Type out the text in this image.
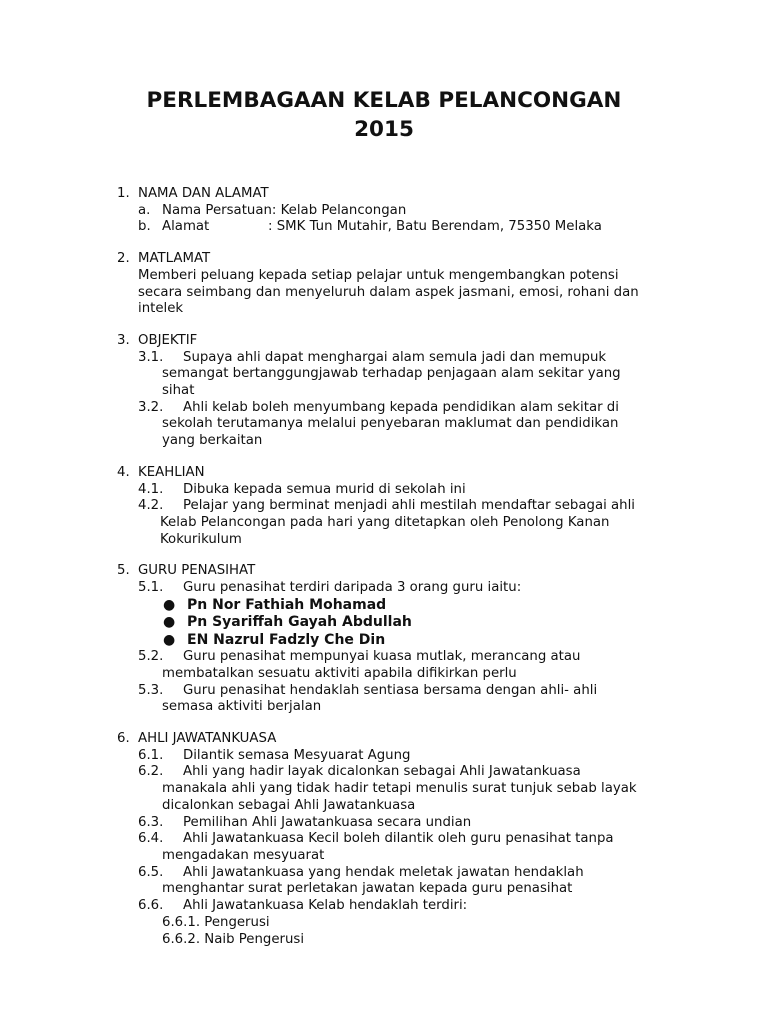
PERLEMBAGAAN KELAB PELANCONGAN
2015
1. NAMA DAN ALAMAT
a. Nama Persatuan: Kelab Pelancongan
b. Alamat	: SMK Tun Mutahir, Batu Berendam, 75350 Melaka
2. MATLAMAT
Memberi peluang kepada setiap pelajar untuk mengembangkan potensi
secara seimbang dan menyeluruh dalam aspek jasmani, emosi, rohani dan
intelek
3. OBJEKTIF
3.1.	Supaya ahli dapat menghargai alam semula jadi dan memupuk
semangat bertanggungjawab terhadap penjagaan alam sekitar yang
sihat
3.2.	Ahli kelab boleh menyumbang kepada pendidikan alam sekitar di
sekolah terutamanya melalui penyebaran maklumat dan pendidikan
yang berkaitan
4. KEAHLIAN
4.1.	Dibuka kepada semua murid di sekolah ini
4.2.	Pelajar yang berminat menjadi ahli mestilah mendaftar sebagai ahli
Kelab Pelancongan pada hari yang ditetapkan oleh Penolong Kanan
Kokurikulum
5. GURU PENASIHAT
5.1.	Guru penasihat terdiri daripada 3 orang guru iaitu:
● Pn Nor Fathiah Mohamad
● Pn Syariffah Gayah Abdullah
● EN Nazrul Fadzly Che Din
5.2.	Guru penasihat mempunyai kuasa mutlak, merancang atau
membatalkan sesuatu aktiviti apabila difikirkan perlu
5.3.	Guru penasihat hendaklah sentiasa bersama dengan ahli- ahli
semasa aktiviti berjalan
6. AHLI JAWATANKUASA
6.1.	Dilantik semasa Mesyuarat Agung
6.2.	Ahli yang hadir layak dicalonkan sebagai Ahli Jawatankuasa
manakala ahli yang tidak hadir tetapi menulis surat tunjuk sebab layak
dicalonkan sebagai Ahli Jawatankuasa
6.3.	Pemilihan Ahli Jawatankuasa secara undian
6.4.	Ahli Jawatankuasa Kecil boleh dilantik oleh guru penasihat tanpa
mengadakan mesyuarat
6.5.	Ahli Jawatankuasa yang hendak meletak jawatan hendaklah
menghantar surat perletakan jawatan kepada guru penasihat
6.6.	Ahli Jawatankuasa Kelab hendaklah terdiri:
6.6.1. Pengerusi
6.6.2. Naib Pengerusi
